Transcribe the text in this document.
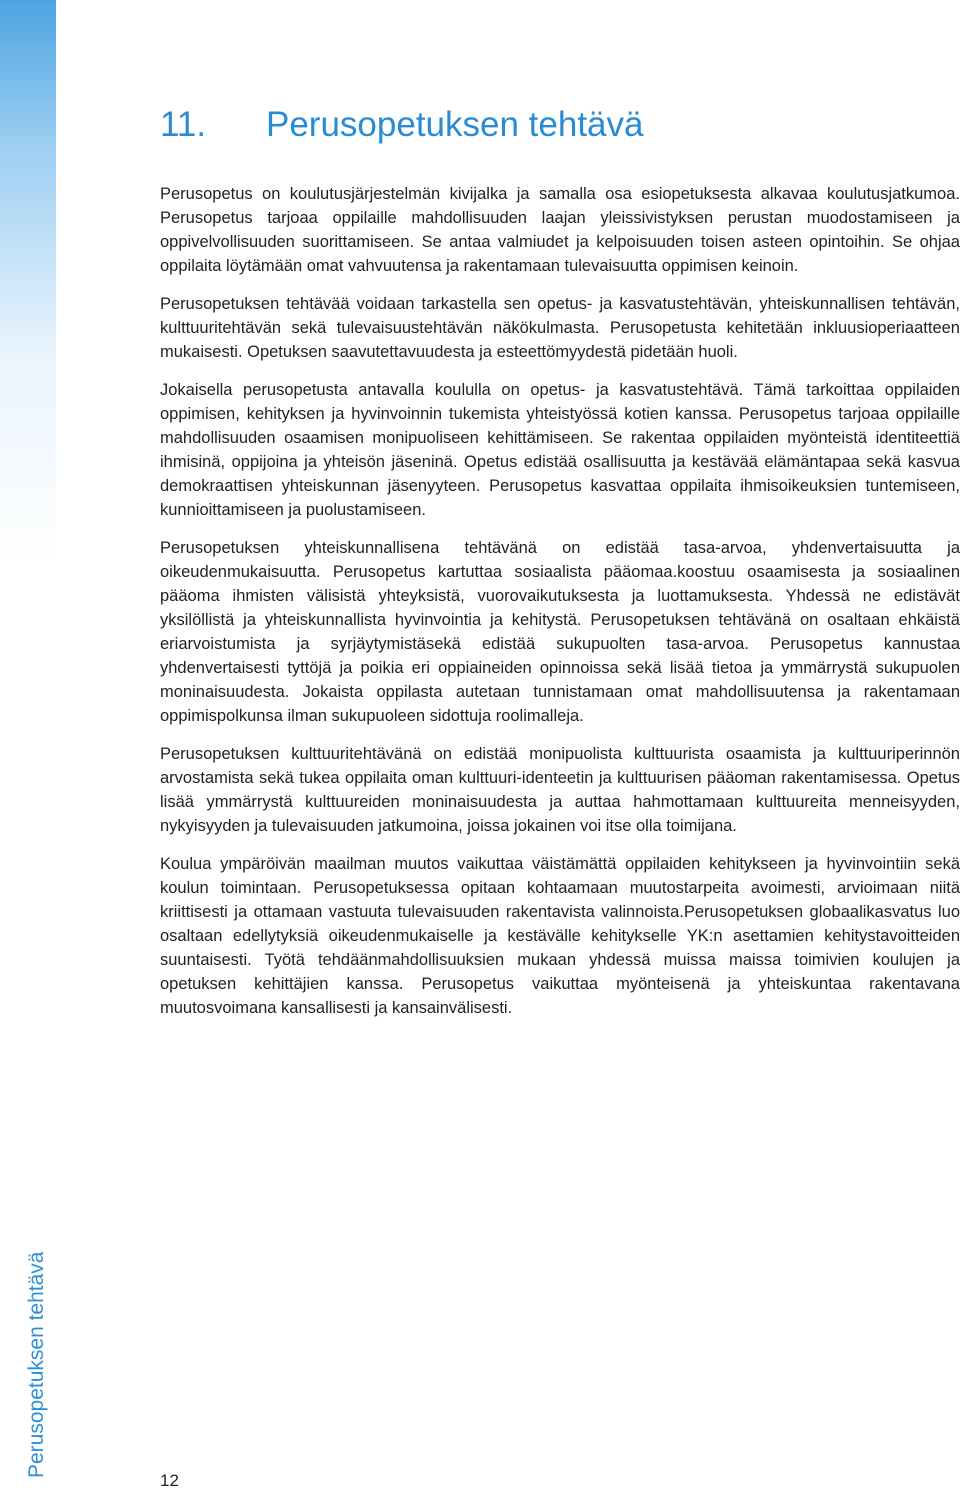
Perusopetuksen tehtävä
11. Perusopetuksen tehtävä

Perusopetus on koulutusjärjestelmän kivijalka ja samalla osa esiopetuksesta alkavaa koulutusjatkumoa. Perusopetus tarjoaa oppilaille mahdollisuuden laajan yleissivistyksen perustan muodostamiseen ja oppivelvollisuuden suorittamiseen. Se antaa valmiudet ja kelpoisuuden toisen asteen opintoihin. Se ohjaa oppilaita löytämään omat vahvuutensa ja rakentamaan tulevaisuutta oppimisen keinoin.

Perusopetuksen tehtävää voidaan tarkastella sen opetus- ja kasvatustehtävän, yhteiskunnallisen tehtävän, kulttuuritehtävän sekä tulevaisuustehtävän näkökulmasta. Perusopetusta kehitetään inkluusioperiaatteen mukaisesti. Opetuksen saavutettavuudesta ja esteettömyydestä pidetään huoli.

Jokaisella perusopetusta antavalla koululla on opetus- ja kasvatustehtävä. Tämä tarkoittaa oppilaiden oppimisen, kehityksen ja hyvinvoinnin tukemista yhteistyössä kotien kanssa. Perusopetus tarjoaa oppilaille mahdollisuuden osaamisen monipuoliseen kehittämiseen. Se rakentaa oppilaiden myönteistä identiteettiä ihmisinä, oppijoina ja yhteisön jäseninä. Opetus edistää osallisuutta ja kestävää elämäntapaa sekä kasvua demokraattisen yhteiskunnan jäsenyyteen. Perusopetus kasvattaa oppilaita ihmisoikeuksien tuntemiseen, kunnioittamiseen ja puolustamiseen.

Perusopetuksen yhteiskunnallisena tehtävänä on edistää tasa-arvoa, yhdenvertaisuutta ja oikeudenmukaisuutta. Perusopetus kartuttaa sosiaalista pääomaa.koostuu osaamisesta ja sosiaalinen pääoma ihmisten välisistä yhteyksistä, vuorovaikutuksesta ja luottamuksesta. Yhdessä ne edistävät yksilöllistä ja yhteiskunnallista hyvinvointia ja kehitystä. Perusopetuksen tehtävänä on osaltaan ehkäistä eriarvoistumista ja syrjäytymistäsekä edistää sukupuolten tasa-arvoa. Perusopetus kannustaa yhdenvertaisesti tyttöjä ja poikia eri oppiaineiden opinnoissa sekä lisää tietoa ja ymmärrystä sukupuolen moninaisuudesta. Jokaista oppilasta autetaan tunnistamaan omat mahdollisuutensa ja rakentamaan oppimispolkunsa ilman sukupuoleen sidottuja roolimalleja.

Perusopetuksen kulttuuritehtävänä on edistää monipuolista kulttuurista osaamista ja kulttuuriperinnön arvostamista sekä tukea oppilaita oman kulttuuri-identeetin ja kulttuurisen pääoman rakentamisessa. Opetus lisää ymmärrystä kulttuureiden moninaisuudesta ja auttaa hahmottamaan kulttuureita menneisyyden, nykyisyyden ja tulevaisuuden jatkumoina, joissa jokainen voi itse olla toimijana.

Koulua ympäröivän maailman muutos vaikuttaa väistämättä oppilaiden kehitykseen ja hyvinvointiin sekä koulun toimintaan. Perusopetuksessa opitaan kohtaamaan muutostarpeita avoimesti, arvioimaan niitä kriittisesti ja ottamaan vastuuta tulevaisuuden rakentavista valinnoista.Perusopetuksen globaalikasvatus luo osaltaan edellytyksiä oikeudenmukaiselle ja kestävälle kehitykselle YK:n asettamien kehitystavoitteiden suuntaisesti. Työtä tehdäänmahdollisuuksien mukaan yhdessä muissa maissa toimivien koulujen ja opetuksen kehittäjien kanssa. Perusopetus vaikuttaa myönteisenä ja yhteiskuntaa rakentavana muutosvoimana kansallisesti ja kansainvälisesti.

12
